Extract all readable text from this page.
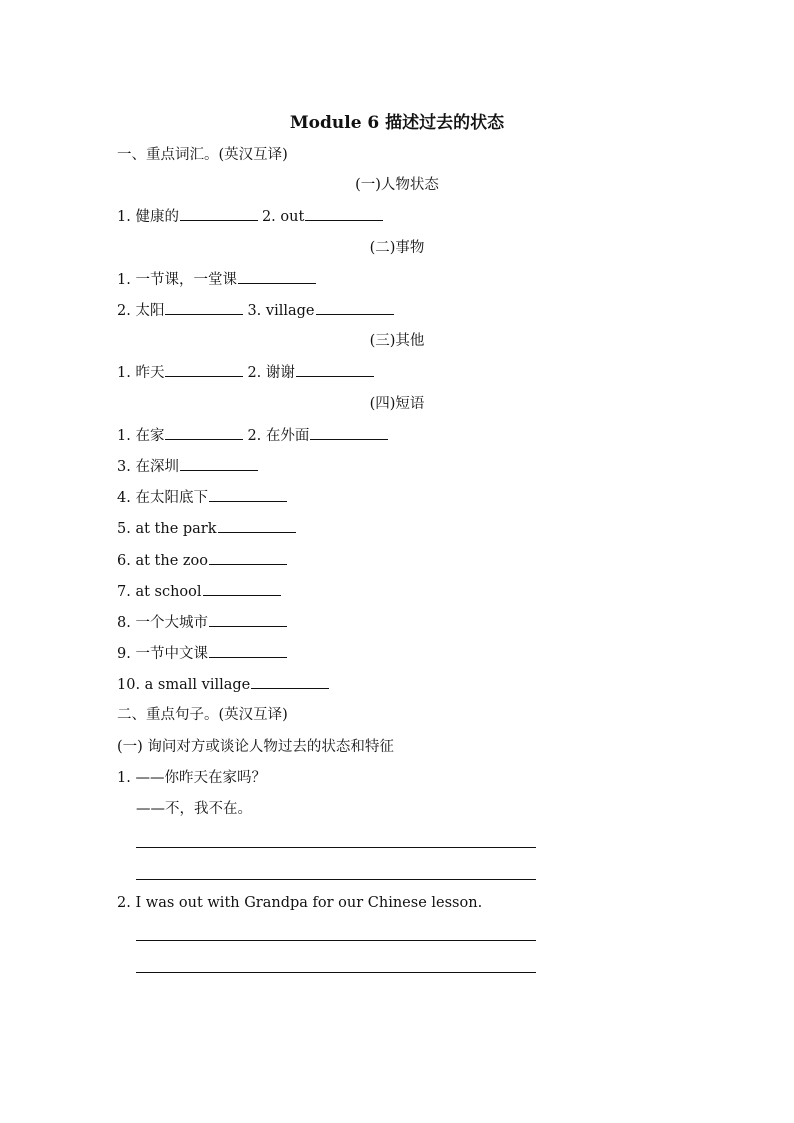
Module 6 描述过去的状态
一、重点词汇。(英汉互译)
(一)人物状态
1. 健康的	2. out
(二)事物
1. 一节课，一堂课
2. 太阳	3. village
(三)其他
1. 昨天	2. 谢谢
(四)短语
1. 在家	2. 在外面
3. 在深圳
4. 在太阳底下
5. at the park
6. at the zoo
7. at school
8. 一个大城市
9. 一节中文课
10. a small village
二、重点句子。(英汉互译)
(一) 询问对方或谈论人物过去的状态和特征
1. ——你昨天在家吗？
——不，我不在。
2. I was out with Grandpa for our Chinese lesson.
